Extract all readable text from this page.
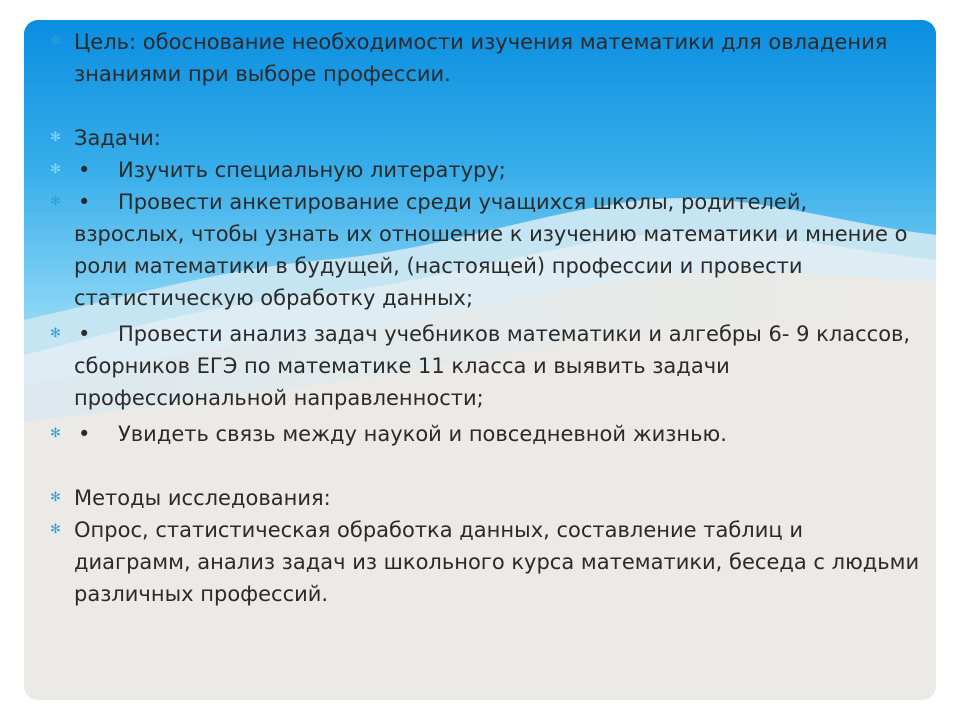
✻ Цель: обоснование необходимости изучения математики для овладения знаниями при выборе профессии.
✻ Задачи:
✻ • Изучить специальную литературу;
✻ • Провести анкетирование среди учащихся школы, родителей, взрослых, чтобы узнать их отношение к изучению математики и мнение о роли математики в будущей, (настоящей) профессии и провести статистическую обработку данных;
✻ • Провести анализ задач учебников математики и алгебры 6- 9 классов, сборников ЕГЭ по математике 11 класса и выявить задачи профессиональной направленности;
✻ • Увидеть связь между наукой и повседневной жизнью.
✻ Методы исследования:
✻ Опрос, статистическая обработка данных, составление таблиц и диаграмм, анализ задач из школьного курса математики, беседа с людьми различных профессий.
